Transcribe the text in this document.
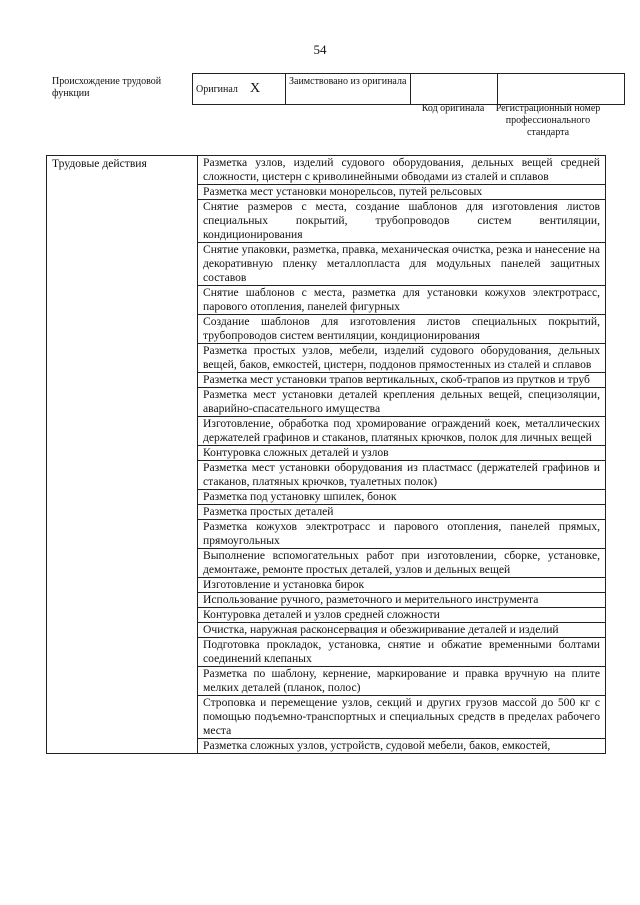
54
Происхождение трудовой функции	Оригинал X	Заимствовано из оригинала		
Код оригинала	Регистрационный номер профессионального стандарта
Трудовые действия	Разметка узлов, изделий судового оборудования, дельных вещей средней сложности, цистерн с криволинейными обводами из сталей и сплавов
Разметка мест установки монорельсов, путей рельсовых
Снятие размеров с места, создание шаблонов для изготовления листов специальных покрытий, трубопроводов систем вентиляции, кондиционирования
Снятие упаковки, разметка, правка, механическая очистка, резка и нанесение на декоративную пленку металлопласта для модульных панелей защитных составов
Снятие шаблонов с места, разметка для установки кожухов электротрасс, парового отопления, панелей фигурных
Создание шаблонов для изготовления листов специальных покрытий, трубопроводов систем вентиляции, кондиционирования
Разметка простых узлов, мебели, изделий судового оборудования, дельных вещей, баков, емкостей, цистерн, поддонов прямостенных из сталей и сплавов
Разметка мест установки трапов вертикальных, скоб-трапов из прутков и труб
Разметка мест установки деталей крепления дельных вещей, специзоляции, аварийно-спасательного имущества
Изготовление, обработка под хромирование ограждений коек, металлических держателей графинов и стаканов, платяных крючков, полок для личных вещей
Контуровка сложных деталей и узлов
Разметка мест установки оборудования из пластмасс (держателей графинов и стаканов, платяных крючков, туалетных полок)
Разметка под установку шпилек, бонок
Разметка простых деталей
Разметка кожухов электротрасс и парового отопления, панелей прямых, прямоугольных
Выполнение вспомогательных работ при изготовлении, сборке, установке, демонтаже, ремонте простых деталей, узлов и дельных вещей
Изготовление и установка бирок
Использование ручного, разметочного и мерительного инструмента
Контуровка деталей и узлов средней сложности
Очистка, наружная расконсервация и обезжиривание деталей и изделий
Подготовка прокладок, установка, снятие и обжатие временными болтами соединений клепаных
Разметка по шаблону, кернение, маркирование и правка вручную на плите мелких деталей (планок, полос)
Строповка и перемещение узлов, секций и других грузов массой до 500 кг с помощью подъемно-транспортных и специальных средств в пределах рабочего места
Разметка сложных узлов, устройств, судовой мебели, баков, емкостей,
